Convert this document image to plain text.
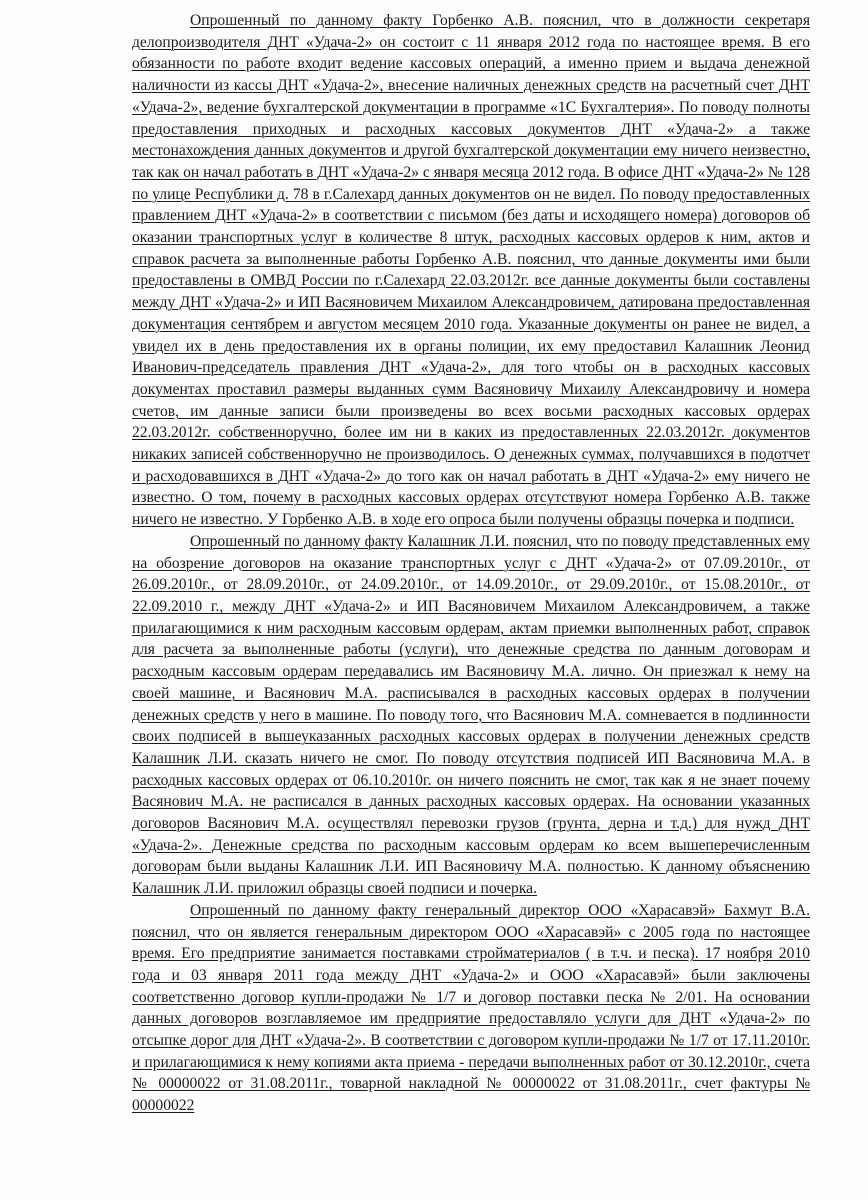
Опрошенный по данному факту Горбенко А.В. пояснил, что в должности секретаря делопроизводителя ДНТ «Удача-2» он состоит с 11 января 2012 года по настоящее время. В его обязанности по работе входит ведение кассовых операций, а именно прием и выдача денежной наличности из кассы ДНТ «Удача-2», внесение наличных денежных средств на расчетный счет ДНТ «Удача-2», ведение бухгалтерской документации в программе «1С Бухгалтерия». По поводу полноты предоставления приходных и расходных кассовых документов ДНТ «Удача-2» а также местонахождения данных документов и другой бухгалтерской документации ему ничего неизвестно, так как он начал работать в ДНТ «Удача-2» с января месяца 2012 года. В офисе ДНТ «Удача-2» № 128 по улице Республики д. 78 в г.Салехард данных документов он не видел. По поводу предоставленных правлением ДНТ «Удача-2» в соответствии с письмом (без даты и исходящего номера) договоров об оказании транспортных услуг в количестве 8 штук, расходных кассовых ордеров к ним, актов и справок расчета за выполненные работы Горбенко А.В. пояснил, что данные документы ими были предоставлены в ОМВД России по г.Салехард 22.03.2012г. все данные документы были составлены между ДНТ «Удача-2» и ИП Васяновичем Михаилом Александровичем, датирована предоставленная документация сентябрем и августом месяцем 2010 года. Указанные документы он ранее не видел, а увидел их в день предоставления их в органы полиции, их ему предоставил Калашник Леонид Иванович-председатель правления ДНТ «Удача-2», для того чтобы он в расходных кассовых документах проставил размеры выданных сумм Васяновичу Михаилу Александровичу и номера счетов, им данные записи были произведены во всех восьми расходных кассовых ордерах 22.03.2012г. собственноручно, более им ни в каких из предоставленных 22.03.2012г. документов никаких записей собственноручно не производилось. О денежных суммах, получавшихся в подотчет и расходовавшихся в ДНТ «Удача-2» до того как он начал работать в ДНТ «Удача-2» ему ничего не известно. О том, почему в расходных кассовых ордерах отсутствуют номера Горбенко А.В. также ничего не известно. У Горбенко А.В. в ходе его опроса были получены образцы почерка и подписи.

Опрошенный по данному факту Калашник Л.И. пояснил, что по поводу представленных ему на обозрение договоров на оказание транспортных услуг с ДНТ «Удача-2» от 07.09.2010г., от 26.09.2010г., от 28.09.2010г., от 24.09.2010г., от 14.09.2010г., от 29.09.2010г., от 15.08.2010г., от 22.09.2010 г., между ДНТ «Удача-2» и ИП Васяновичем Михаилом Александровичем, а также прилагающимися к ним расходным кассовым ордерам, актам приемки выполненных работ, справок для расчета за выполненные работы (услуги), что денежные средства по данным договорам и расходным кассовым ордерам передавались им Васяновичу М.А. лично. Он приезжал к нему на своей машине, и Васянович М.А. расписывался в расходных кассовых ордерах в получении денежных средств у него в машине. По поводу того, что Васянович М.А. сомневается в подлинности своих подписей в вышеуказанных расходных кассовых ордерах в получении денежных средств Калашник Л.И. сказать ничего не смог. По поводу отсутствия подписей ИП Васяновича М.А. в расходных кассовых ордерах от 06.10.2010г. он ничего пояснить не смог, так как я не знает почему Васянович М.А. не расписался в данных расходных кассовых ордерах. На основании указанных договоров Васянович М.А. осуществлял перевозки грузов (грунта, дерна и т.д.) для нужд ДНТ «Удача-2». Денежные средства по расходным кассовым ордерам ко всем вышеперечисленным договорам были выданы Калашник Л.И. ИП Васяновичу М.А. полностью. К данному объяснению Калашник Л.И. приложил образцы своей подписи и почерка.

Опрошенный по данному факту генеральный директор ООО «Харасавэй» Бахмут В.А. пояснил, что он является генеральным директором ООО «Харасавэй» с 2005 года по настоящее время. Его предприятие занимается поставками стройматериалов ( в т.ч. и песка). 17 ноября 2010 года и 03 января 2011 года между ДНТ «Удача-2» и ООО «Харасавэй» были заключены соответственно договор купли-продажи № 1/7 и договор поставки песка № 2/01. На основании данных договоров возглавляемое им предприятие предоставляло услуги для ДНТ «Удача-2» по отсыпке дорог для ДНТ «Удача-2». В соответствии с договором купли-продажи № 1/7 от 17.11.2010г. и прилагающимися к нему копиями акта приема - передачи выполненных работ от 30.12.2010г., счета № 00000022 от 31.08.2011г., товарной накладной № 00000022 от 31.08.2011г., счет фактуры № 00000022
